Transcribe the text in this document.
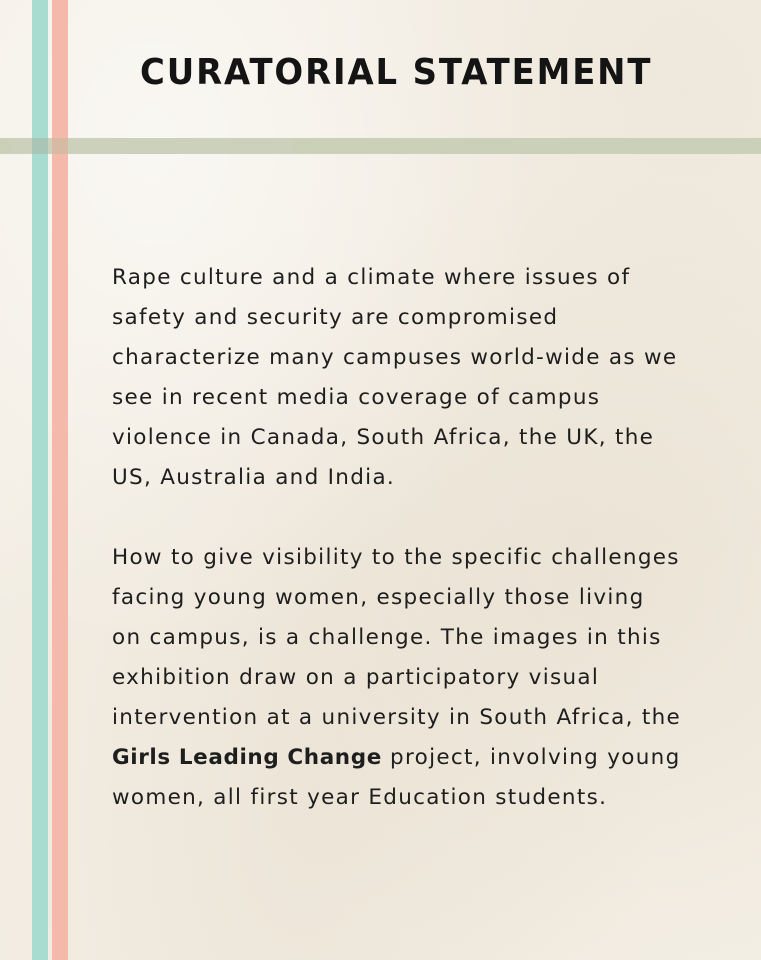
CURATORIAL STATEMENT

Rape culture and a climate where issues of
safety and security are compromised
characterize many campuses world-wide as we
see in recent media coverage of campus
violence in Canada, South Africa, the UK, the
US, Australia and India.

How to give visibility to the specific challenges
facing young women, especially those living
on campus, is a challenge. The images in this
exhibition draw on a participatory visual
intervention at a university in South Africa, the
Girls Leading Change project, involving young
women, all first year Education students.
